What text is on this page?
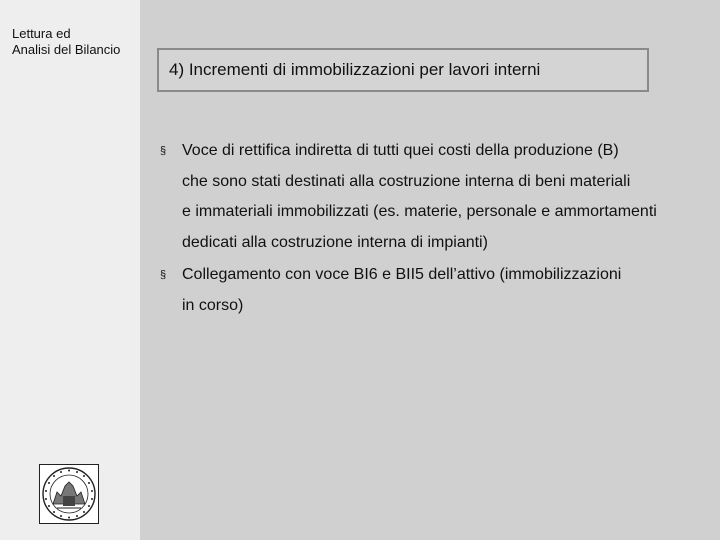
Lettura ed
Analisi del Bilancio
4) Incrementi di immobilizzazioni per lavori interni
§ Voce di rettifica indiretta di tutti quei costi della produzione (B)
che sono stati destinati alla costruzione interna di beni materiali
e immateriali immobilizzati (es. materie, personale e ammortamenti
dedicati alla costruzione interna di impianti)
§ Collegamento con voce BI6 e BII5 dell’attivo (immobilizzazioni
in corso)
